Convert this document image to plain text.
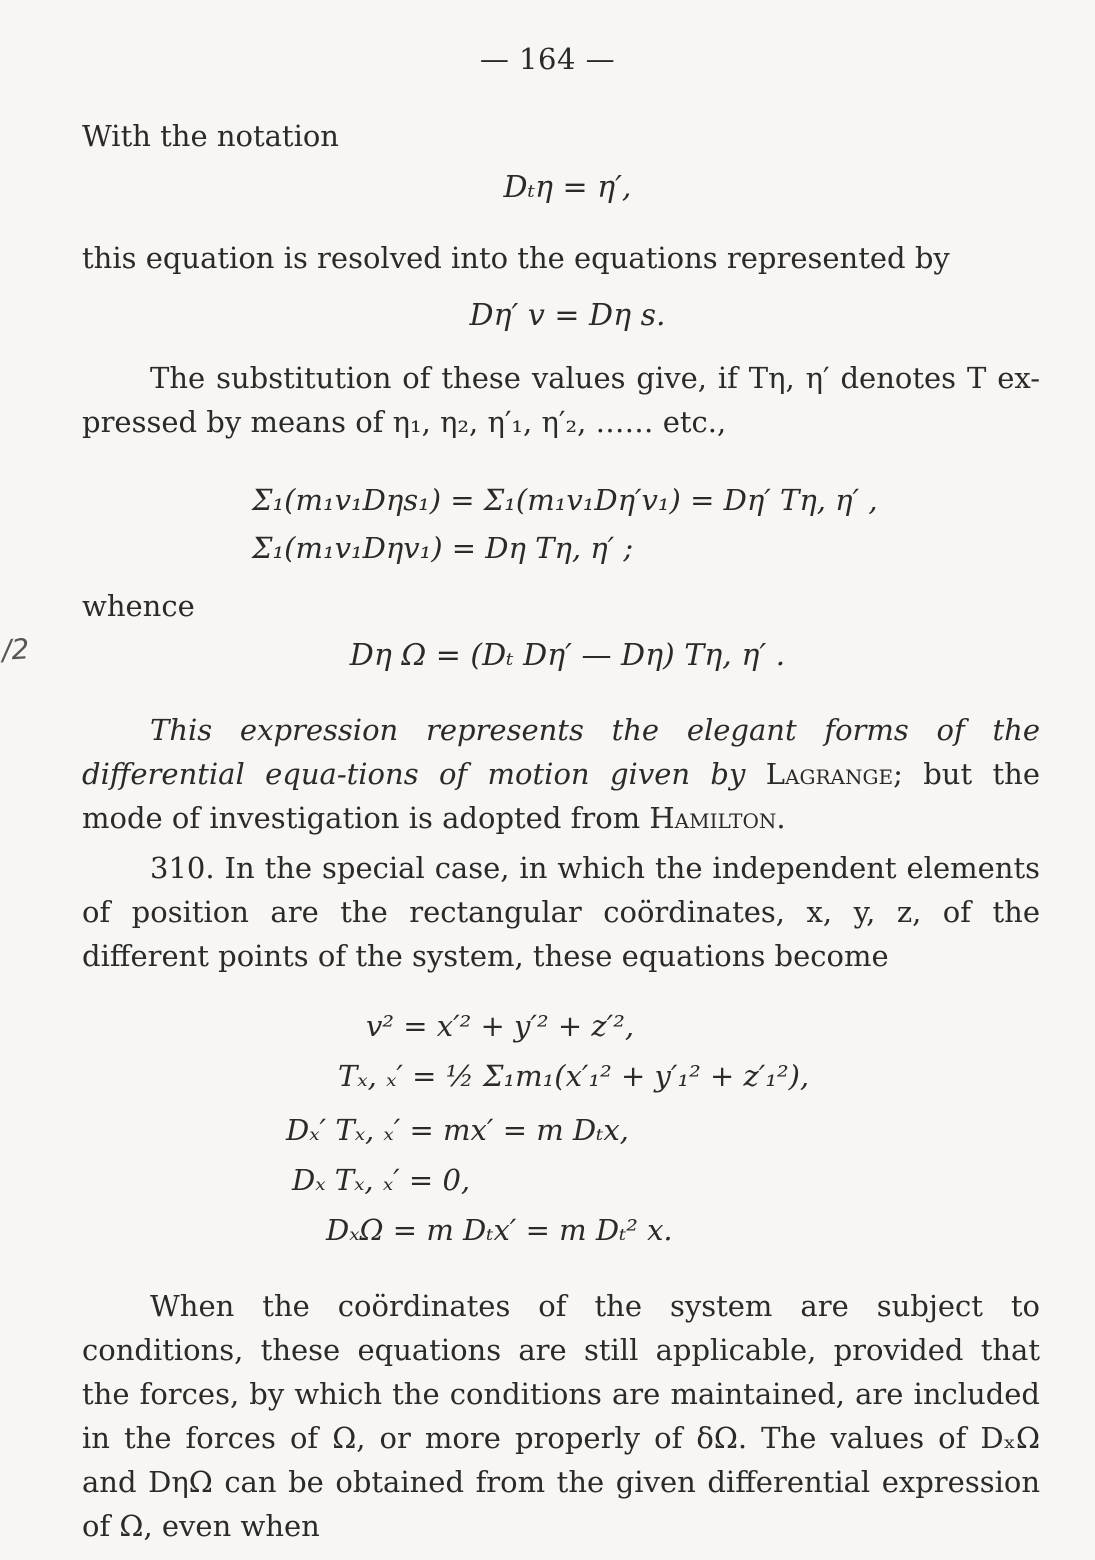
— 164 —
With the notation
Dₜη = η′,
this equation is resolved into the equations represented by
Dη′ v = Dη s.
The substitution of these values give, if Tη, η′ denotes T ex-pressed by means of η₁, η₂, η′₁, η′₂, …… etc.,
Σ₁(m₁v₁Dηs₁) = Σ₁(m₁v₁Dη′v₁) = Dη′ Tη, η′ ,
Σ₁(m₁v₁Dηv₁) = Dη Tη, η′ ;
whence
Dη Ω = (Dₜ Dη′ — Dη) Tη, η′ .
This expression represents the elegant forms of the differential equa-tions of motion given by Lagrange; but the mode of investigation is adopted from Hamilton.
310. In the special case, in which the independent elements of position are the rectangular coördinates, x, y, z, of the different points of the system, these equations become
v² = x′² + y′² + z′²,
Tₓ, ₓ′ = ½ Σ₁m₁(x′₁² + y′₁² + z′₁²),
Dₓ′ Tₓ, ₓ′ = mx′ = m Dₜx,
Dₓ Tₓ, ₓ′ = 0,
DₓΩ = m Dₜx′ = m Dₜ² x.
When the coördinates of the system are subject to conditions, these equations are still applicable, provided that the forces, by which the conditions are maintained, are included in the forces of Ω, or more properly of δΩ. The values of DₓΩ and DηΩ can be obtained from the given differential expression of Ω, even when
/2
